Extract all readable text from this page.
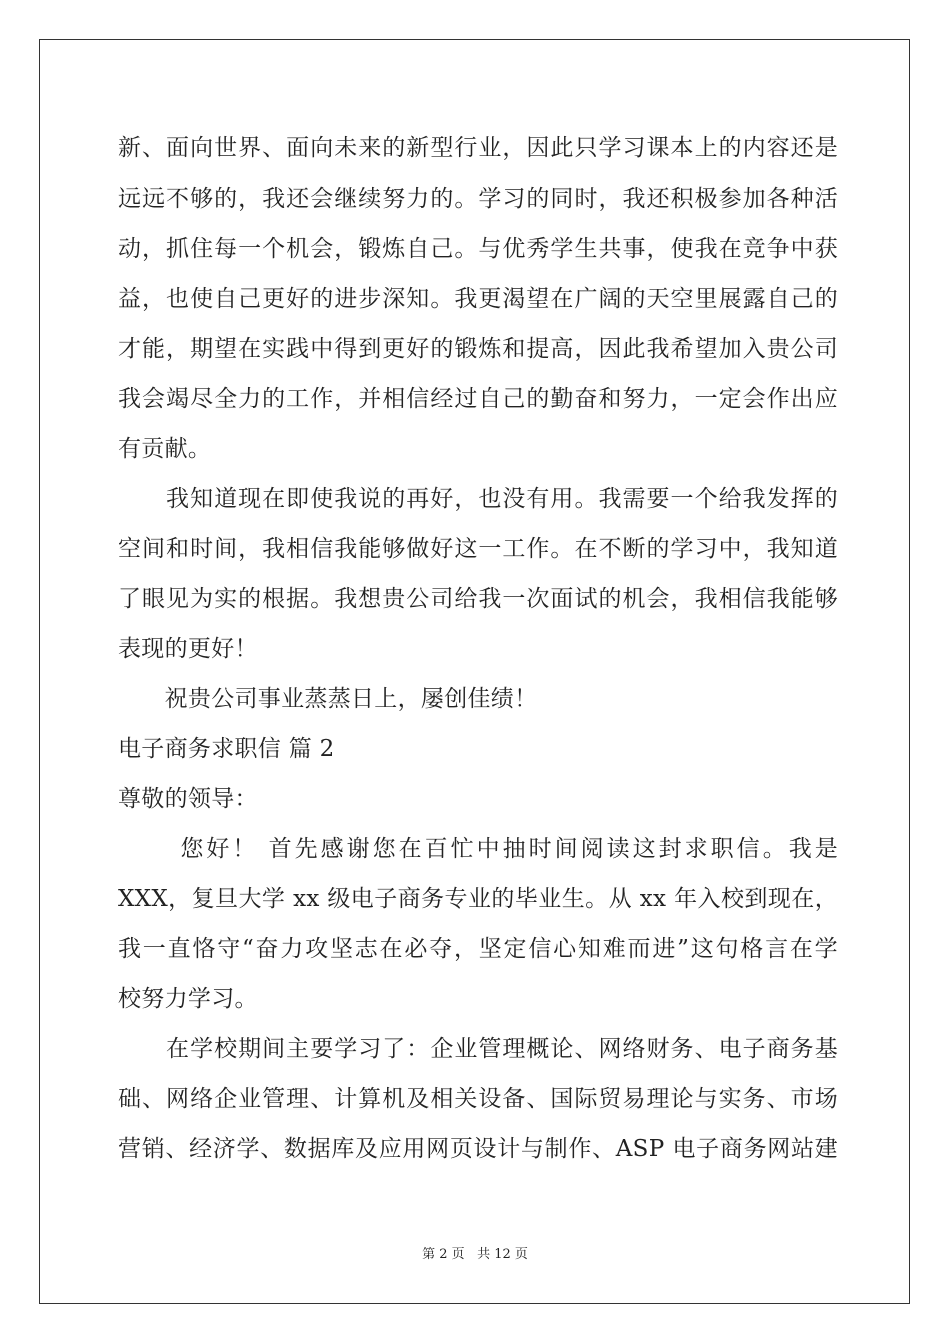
新、面向世界、面向未来的新型行业，因此只学习课本上的内容还是
远远不够的，我还会继续努力的。学习的同时，我还积极参加各种活
动，抓住每一个机会，锻炼自己。与优秀学生共事，使我在竞争中获
益，也使自己更好的进步深知。我更渴望在广阔的天空里展露自己的
才能，期望在实践中得到更好的锻炼和提高，因此我希望加入贵公司
我会竭尽全力的工作，并相信经过自己的勤奋和努力，一定会作出应
有贡献。
　　我知道现在即使我说的再好，也没有用。我需要一个给我发挥的
空间和时间，我相信我能够做好这一工作。在不断的学习中，我知道
了眼见为实的根据。我想贵公司给我一次面试的机会，我相信我能够
表现的更好！
　　祝贵公司事业蒸蒸日上，屡创佳绩！
电子商务求职信 篇 2
尊敬的领导：
　　 您好！ 首先感谢您在百忙中抽时间阅读这封求职信。我是
XXX，复旦大学 xx 级电子商务专业的毕业生。从 xx 年入校到现在，
我一直恪守“奋力攻坚志在必夺，坚定信心知难而进”这句格言在学
校努力学习。
　　在学校期间主要学习了：企业管理概论、网络财务、电子商务基
础、网络企业管理、计算机及相关设备、国际贸易理论与实务、市场
营销、经济学、数据库及应用网页设计与制作、ASP 电子商务网站建
第 2 页 共 12 页
